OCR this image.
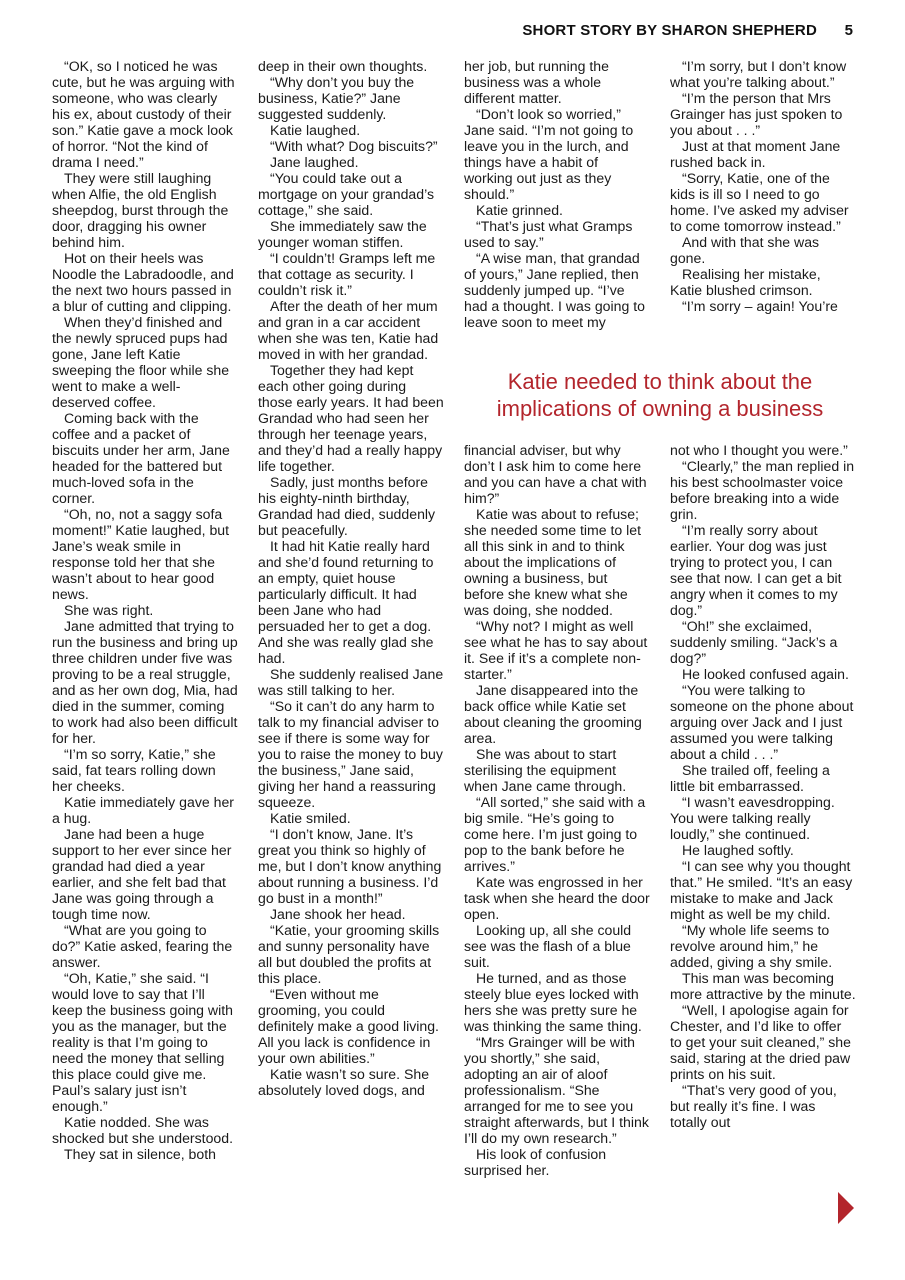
SHORT STORY BY SHARON SHEPHERD 5

“OK, so I noticed he was cute, but he was arguing with someone, who was clearly his ex, about custody of their son.” Katie gave a mock look of horror. “Not the kind of drama I need.”

They were still laughing when Alfie, the old English sheepdog, burst through the door, dragging his owner behind him.

Hot on their heels was Noodle the Labradoodle, and the next two hours passed in a blur of cutting and clipping.

When they’d finished and the newly spruced pups had gone, Jane left Katie sweeping the floor while she went to make a well-deserved coffee.

Coming back with the coffee and a packet of biscuits under her arm, Jane headed for the battered but much-loved sofa in the corner.

“Oh, no, not a saggy sofa moment!” Katie laughed, but Jane’s weak smile in response told her that she wasn’t about to hear good news.

She was right.

Jane admitted that trying to run the business and bring up three children under five was proving to be a real struggle, and as her own dog, Mia, had died in the summer, coming to work had also been difficult for her.

“I’m so sorry, Katie,” she said, fat tears rolling down her cheeks.

Katie immediately gave her a hug.

Jane had been a huge support to her ever since her grandad had died a year earlier, and she felt bad that Jane was going through a tough time now.

“What are you going to do?” Katie asked, fearing the answer.

“Oh, Katie,” she said. “I would love to say that I’ll keep the business going with you as the manager, but the reality is that I’m going to need the money that selling this place could give me. Paul’s salary just isn’t enough.”

Katie nodded. She was shocked but she understood.

They sat in silence, both

deep in their own thoughts.

“Why don’t you buy the business, Katie?” Jane suggested suddenly.

Katie laughed.

“With what? Dog biscuits?”

Jane laughed.

“You could take out a mortgage on your grandad’s cottage,” she said.

She immediately saw the younger woman stiffen.

“I couldn’t! Gramps left me that cottage as security. I couldn’t risk it.”

After the death of her mum and gran in a car accident when she was ten, Katie had moved in with her grandad.

Together they had kept each other going during those early years. It had been Grandad who had seen her through her teenage years, and they’d had a really happy life together.

Sadly, just months before his eighty-ninth birthday, Grandad had died, suddenly but peacefully.

It had hit Katie really hard and she’d found returning to an empty, quiet house particularly difficult. It had been Jane who had persuaded her to get a dog. And she was really glad she had.

She suddenly realised Jane was still talking to her.

“So it can’t do any harm to talk to my financial adviser to see if there is some way for you to raise the money to buy the business,” Jane said, giving her hand a reassuring squeeze.

Katie smiled.

“I don’t know, Jane. It’s great you think so highly of me, but I don’t know anything about running a business. I’d go bust in a month!”

Jane shook her head.

“Katie, your grooming skills and sunny personality have all but doubled the profits at this place.

“Even without me grooming, you could definitely make a good living. All you lack is confidence in your own abilities.”

Katie wasn’t so sure. She absolutely loved dogs, and

her job, but running the business was a whole different matter.

“Don’t look so worried,” Jane said. “I’m not going to leave you in the lurch, and things have a habit of working out just as they should.”

Katie grinned.

“That’s just what Gramps used to say.”

“A wise man, that grandad of yours,” Jane replied, then suddenly jumped up. “I’ve had a thought. I was going to leave soon to meet my

“I’m sorry, but I don’t know what you’re talking about.”

“I’m the person that Mrs Grainger has just spoken to you about . . .”

Just at that moment Jane rushed back in.

“Sorry, Katie, one of the kids is ill so I need to go home. I’ve asked my adviser to come tomorrow instead.”

And with that she was gone.

Realising her mistake, Katie blushed crimson.

“I’m sorry – again! You’re

Katie needed to think about the implications of owning a business

financial adviser, but why don’t I ask him to come here and you can have a chat with him?”

Katie was about to refuse; she needed some time to let all this sink in and to think about the implications of owning a business, but before she knew what she was doing, she nodded.

“Why not? I might as well see what he has to say about it. See if it’s a complete non-starter.”

Jane disappeared into the back office while Katie set about cleaning the grooming area.

She was about to start sterilising the equipment when Jane came through.

“All sorted,” she said with a big smile. “He’s going to come here. I’m just going to pop to the bank before he arrives.”

Kate was engrossed in her task when she heard the door open.

Looking up, all she could see was the flash of a blue suit.

He turned, and as those steely blue eyes locked with hers she was pretty sure he was thinking the same thing.

“Mrs Grainger will be with you shortly,” she said, adopting an air of aloof professionalism. “She arranged for me to see you straight afterwards, but I think I’ll do my own research.”

His look of confusion surprised her.

not who I thought you were.”

“Clearly,” the man replied in his best schoolmaster voice before breaking into a wide grin.

“I’m really sorry about earlier. Your dog was just trying to protect you, I can see that now. I can get a bit angry when it comes to my dog.”

“Oh!” she exclaimed, suddenly smiling. “Jack’s a dog?”

He looked confused again.

“You were talking to someone on the phone about arguing over Jack and I just assumed you were talking about a child . . .”

She trailed off, feeling a little bit embarrassed.

“I wasn’t eavesdropping. You were talking really loudly,” she continued.

He laughed softly.

“I can see why you thought that.” He smiled. “It’s an easy mistake to make and Jack might as well be my child.

“My whole life seems to revolve around him,” he added, giving a shy smile.

This man was becoming more attractive by the minute.

“Well, I apologise again for Chester, and I’d like to offer to get your suit cleaned,” she said, staring at the dried paw prints on his suit.

“That’s very good of you, but really it’s fine. I was totally out
